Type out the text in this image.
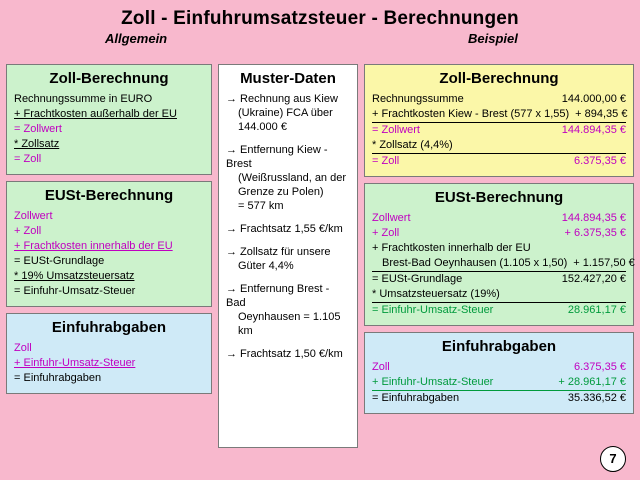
Zoll - Einfuhrumsatzsteuer - Berechnungen
Allgemein	Beispiel
Zoll-Berechnung
Rechnungssumme in EURO
+ Frachtkosten außerhalb der EU
= Zollwert
* Zollsatz
= Zoll
EUSt-Berechnung
Zollwert
+ Zoll
+ Frachtkosten innerhalb der EU
= EUSt-Grundlage
* 19% Umsatzsteuersatz
= Einfuhr-Umsatz-Steuer
Einfuhrabgaben
Zoll
+ Einfuhr-Umsatz-Steuer
= Einfuhrabgaben
Muster-Daten
→ Rechnung aus Kiew
(Ukraine) FCA über
144.000 €
→ Entfernung Kiew - Brest
(Weißrussland, an der
Grenze zu Polen)
= 577 km
→ Frachtsatz 1,55 €/km
→ Zollsatz für unsere
Güter 4,4%
→ Entfernung Brest - Bad
Oeynhausen = 1.105 km
→ Frachtsatz 1,50 €/km
Zoll-Berechnung
Rechnungssumme	144.000,00 €
+ Frachtkosten Kiew - Brest (577 x 1,55) + 894,35 €
= Zollwert	144.894,35 €
* Zollsatz (4,4%)
= Zoll	6.375,35 €
EUSt-Berechnung
Zollwert	144.894,35 €
+ Zoll	+ 6.375,35 €
+ Frachtkosten innerhalb der EU
Brest-Bad Oeynhausen (1.105 x 1,50) + 1.157,50 €
= EUSt-Grundlage	152.427,20 €
* Umsatzsteuersatz (19%)
= Einfuhr-Umsatz-Steuer	28.961,17 €
Einfuhrabgaben
Zoll	6.375,35 €
+ Einfuhr-Umsatz-Steuer	+ 28.961,17 €
= Einfuhrabgaben	35.336,52 €
7
